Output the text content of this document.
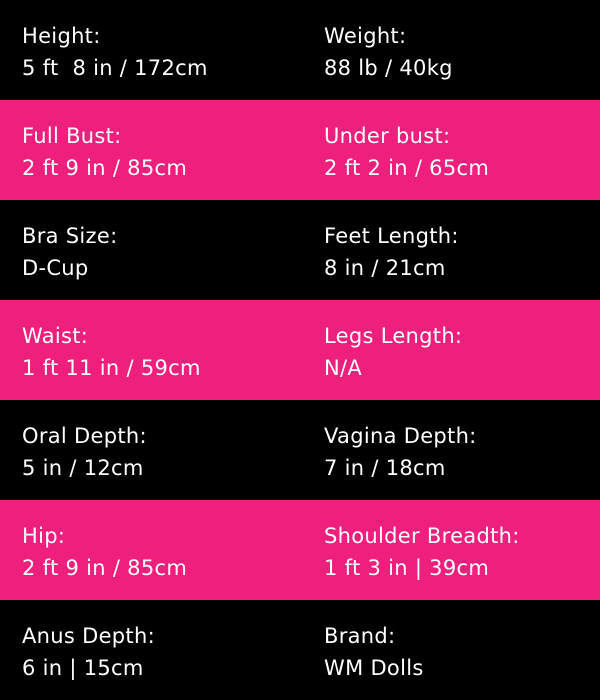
Height:
5 ft  8 in / 172cm
Weight:
88 lb / 40kg
Full Bust:
2 ft 9 in / 85cm
Under bust:
2 ft 2 in / 65cm
Bra Size:
D-Cup
Feet Length:
8 in / 21cm
Waist:
1 ft 11 in / 59cm
Legs Length:
N/A
Oral Depth:
5 in / 12cm
Vagina Depth:
7 in / 18cm
Hip:
2 ft 9 in / 85cm
Shoulder Breadth:
1 ft 3 in | 39cm
Anus Depth:
6 in | 15cm
Brand:
WM Dolls
